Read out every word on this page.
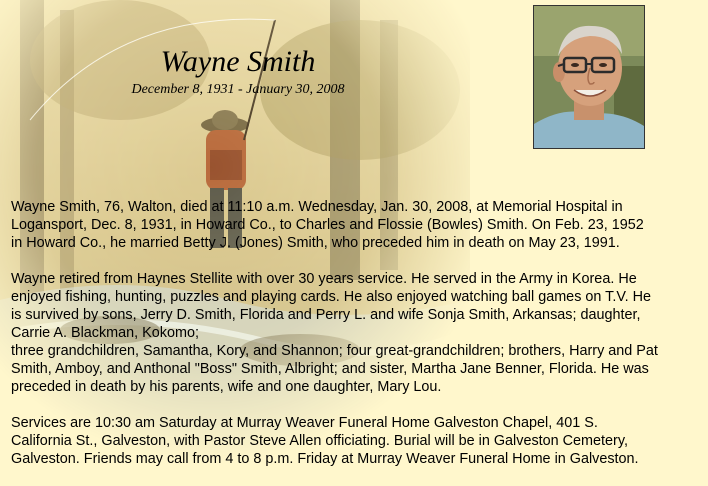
Wayne Smith
December 8, 1931 - January 30, 2008

Wayne Smith, 76, Walton, died at 11:10 a.m. Wednesday, Jan. 30, 2008, at Memorial Hospital in
Logansport, Dec. 8, 1931, in Howard Co., to Charles and Flossie (Bowles) Smith. On Feb. 23, 1952
in Howard Co., he married Betty J. (Jones) Smith, who preceded him in death on May 23, 1991.

Wayne retired from Haynes Stellite with over 30 years service. He served in the Army in Korea. He
enjoyed fishing, hunting, puzzles and playing cards. He also enjoyed watching ball games on T.V. He
is survived by sons, Jerry D. Smith, Florida and Perry L. and wife Sonja Smith, Arkansas; daughter,
Carrie A. Blackman, Kokomo;
three grandchildren, Samantha, Kory, and Shannon; four great-grandchildren; brothers, Harry and Pat
Smith, Amboy, and Anthonal "Boss" Smith, Albright; and sister, Martha Jane Benner, Florida. He was
preceded in death by his parents, wife and one daughter, Mary Lou.

Services are 10:30 am Saturday at Murray Weaver Funeral Home Galveston Chapel, 401 S.
California St., Galveston, with Pastor Steve Allen officiating. Burial will be in Galveston Cemetery,
Galveston. Friends may call from 4 to 8 p.m. Friday at Murray Weaver Funeral Home in Galveston.
